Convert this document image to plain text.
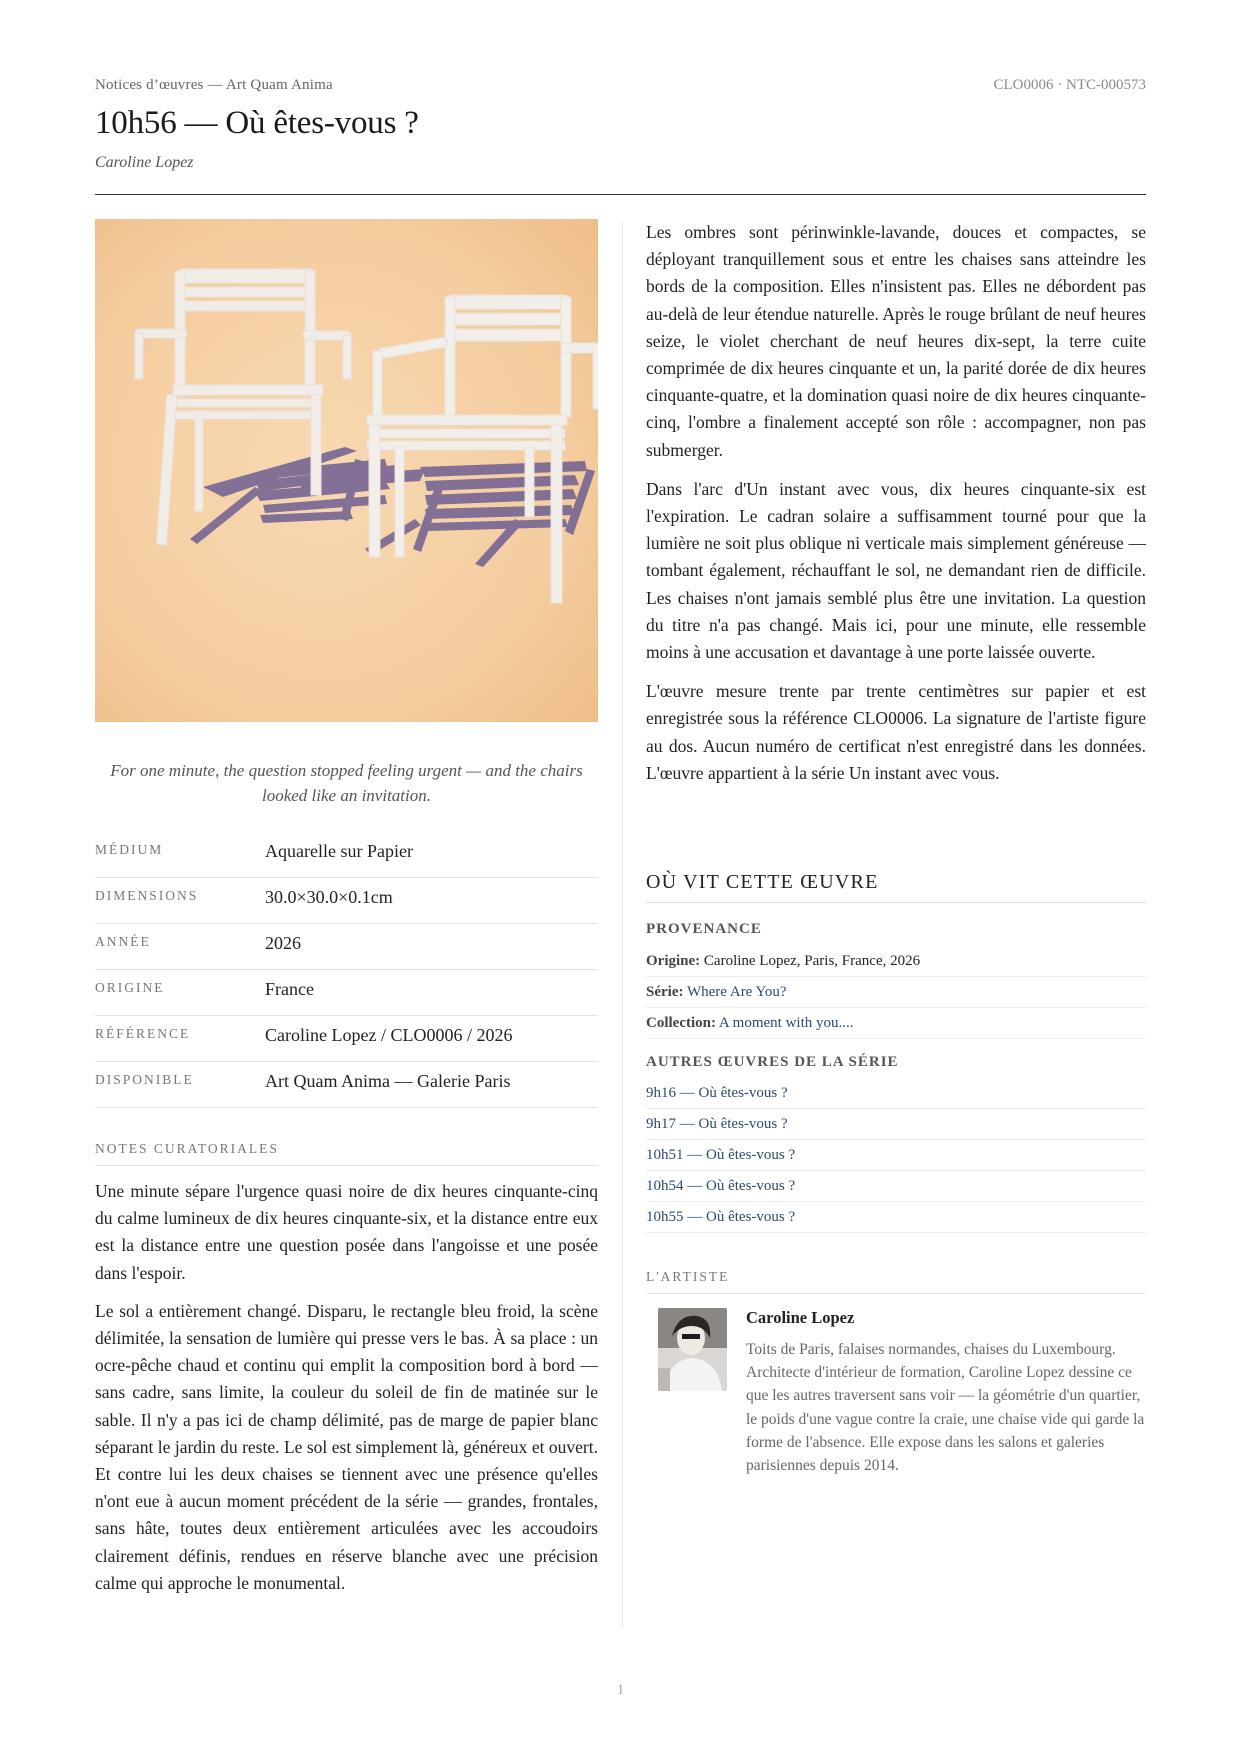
Notices d’œuvres — Art Quam Anima	CLO0006 · NTC-000573
10h56 — Où êtes-vous ?
Caroline Lopez
For one minute, the question stopped feeling urgent — and the chairs looked like an invitation.
MÉDIUM	Aquarelle sur Papier
DIMENSIONS	30.0×30.0×0.1cm
ANNÉE	2026
ORIGINE	France
RÉFÉRENCE	Caroline Lopez / CLO0006 / 2026
DISPONIBLE	Art Quam Anima — Galerie Paris
NOTES CURATORIALES

Une minute sépare l'urgence quasi noire de dix heures cinquante-cinq du calme lumineux de dix heures cinquante-six, et la distance entre eux est la distance entre une question posée dans l'angoisse et une posée dans l'espoir.

Le sol a entièrement changé. Disparu, le rectangle bleu froid, la scène délimitée, la sensation de lumière qui presse vers le bas. À sa place : un ocre-pêche chaud et continu qui emplit la composition bord à bord — sans cadre, sans limite, la couleur du soleil de fin de matinée sur le sable. Il n'y a pas ici de champ délimité, pas de marge de papier blanc séparant le jardin du reste. Le sol est simplement là, généreux et ouvert. Et contre lui les deux chaises se tiennent avec une présence qu'elles n'ont eue à aucun moment précédent de la série — grandes, frontales, sans hâte, toutes deux entièrement articulées avec les accoudoirs clairement définis, rendues en réserve blanche avec une précision calme qui approche le monumental.

Les ombres sont périnwinkle-lavande, douces et compactes, se déployant tranquillement sous et entre les chaises sans atteindre les bords de la composition. Elles n'insistent pas. Elles ne débordent pas au-delà de leur étendue naturelle. Après le rouge brûlant de neuf heures seize, le violet cherchant de neuf heures dix-sept, la terre cuite comprimée de dix heures cinquante et un, la parité dorée de dix heures cinquante-quatre, et la domination quasi noire de dix heures cinquante-cinq, l'ombre a finalement accepté son rôle : accompagner, non pas submerger.

Dans l'arc d'Un instant avec vous, dix heures cinquante-six est l'expiration. Le cadran solaire a suffisamment tourné pour que la lumière ne soit plus oblique ni verticale mais simplement généreuse — tombant également, réchauffant le sol, ne demandant rien de difficile. Les chaises n'ont jamais semblé plus être une invitation. La question du titre n'a pas changé. Mais ici, pour une minute, elle ressemble moins à une accusation et davantage à une porte laissée ouverte.

L'œuvre mesure trente par trente centimètres sur papier et est enregistrée sous la référence CLO0006. La signature de l'artiste figure au dos. Aucun numéro de certificat n'est enregistré dans les données. L'œuvre appartient à la série Un instant avec vous.

OÙ VIT CETTE ŒUVRE
PROVENANCE
Origine: Caroline Lopez, Paris, France, 2026
Série: Where Are You?
Collection: A moment with you....
AUTRES ŒUVRES DE LA SÉRIE
9h16 — Où êtes-vous ?
9h17 — Où êtes-vous ?
10h51 — Où êtes-vous ?
10h54 — Où êtes-vous ?
10h55 — Où êtes-vous ?
L'ARTISTE
Caroline Lopez
Toits de Paris, falaises normandes, chaises du Luxembourg. Architecte d'intérieur de formation, Caroline Lopez dessine ce que les autres traversent sans voir — la géométrie d'un quartier, le poids d'une vague contre la craie, une chaise vide qui garde la forme de l'absence. Elle expose dans les salons et galeries parisiennes depuis 2014.
1
